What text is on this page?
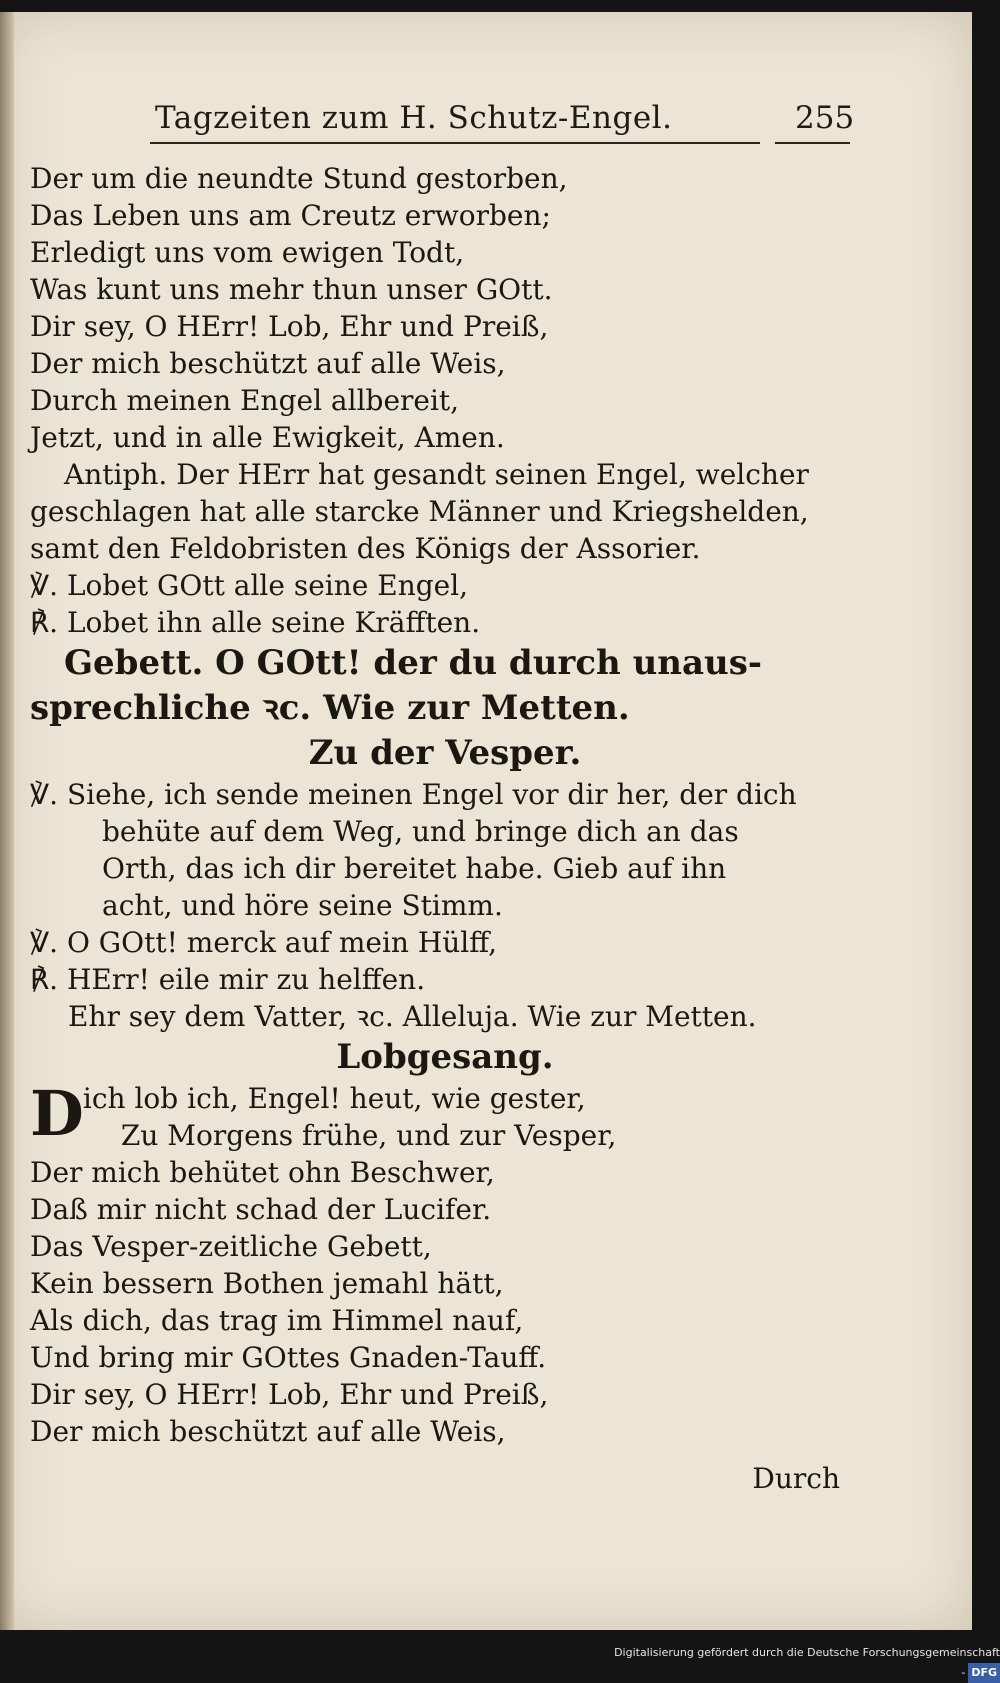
Tagzeiten zum H. Schutz-Engel.	255
Der um die neundte Stund gestorben,
Das Leben uns am Creutz erworben;
Erledigt uns vom ewigen Todt,
Was kunt uns mehr thun unser GOtt.
Dir sey, O HErr! Lob, Ehr und Preiß,
Der mich beschützt auf alle Weis,
Durch meinen Engel allbereit,
Jetzt, und in alle Ewigkeit, Amen.
Antiph. Der HErr hat gesandt seinen Engel, welcher
geschlagen hat alle starcke Männer und Kriegshelden,
samt den Feldobristen des Königs der Assorier.
℣. Lobet GOtt alle seine Engel,
℟. Lobet ihn alle seine Kräfften.
Gebett. O GOtt! der du durch unaus-
sprechliche ꝛc. Wie zur Metten.
Zu der Vesper.
℣. Siehe, ich sende meinen Engel vor dir her, der dich
behüte auf dem Weg, und bringe dich an das
Orth, das ich dir bereitet habe. Gieb auf ihn
acht, und höre seine Stimm.
℣. O GOtt! merck auf mein Hülff,
℟. HErr! eile mir zu helffen.
Ehr sey dem Vatter, ꝛc. Alleluja. Wie zur Metten.
Lobgesang.
D ich lob ich, Engel! heut, wie gester,
Zu Morgens frühe, und zur Vesper,
Der mich behütet ohn Beschwer,
Daß mir nicht schad der Lucifer.
Das Vesper-zeitliche Gebett,
Kein bessern Bothen jemahl hätt,
Als dich, das trag im Himmel nauf,
Und bring mir GOttes Gnaden-Tauff.
Dir sey, O HErr! Lob, Ehr und Preiß,
Der mich beschützt auf alle Weis,
Durch
Digitalisierung gefördert durch die Deutsche Forschungsgemeinschaft - DFG
